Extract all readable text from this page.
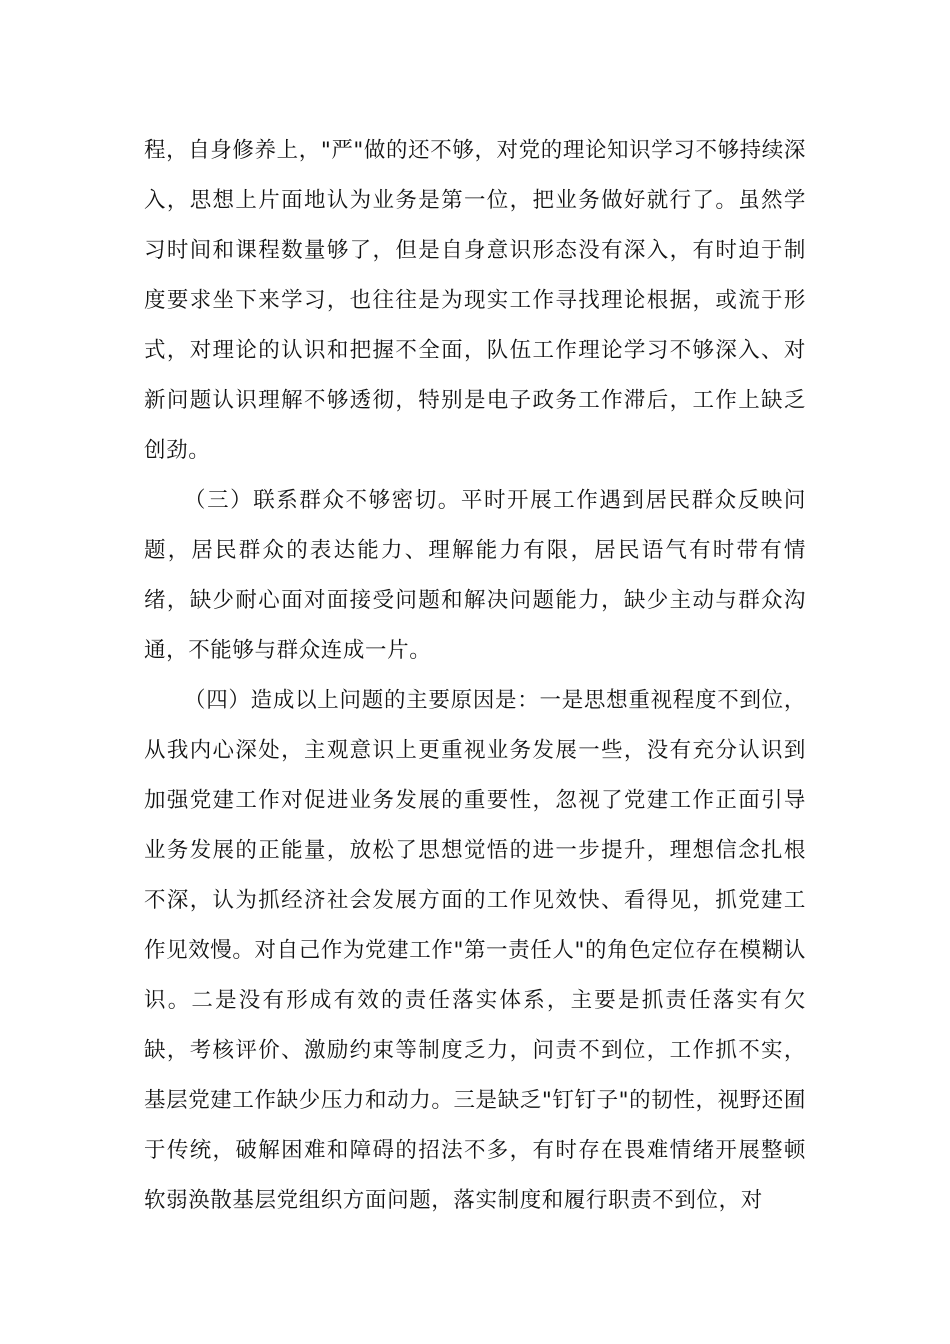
程，自身修养上，"严"做的还不够，对党的理论知识学习不够持续深入，思想上片面地认为业务是第一位，把业务做好就行了。虽然学习时间和课程数量够了，但是自身意识形态没有深入，有时迫于制度要求坐下来学习，也往往是为现实工作寻找理论根据，或流于形式，对理论的认识和把握不全面，队伍工作理论学习不够深入、对新问题认识理解不够透彻，特别是电子政务工作滞后，工作上缺乏创劲。

（三）联系群众不够密切。平时开展工作遇到居民群众反映问题，居民群众的表达能力、理解能力有限，居民语气有时带有情绪，缺少耐心面对面接受问题和解决问题能力，缺少主动与群众沟通，不能够与群众连成一片。

（四）造成以上问题的主要原因是：一是思想重视程度不到位，从我内心深处，主观意识上更重视业务发展一些，没有充分认识到加强党建工作对促进业务发展的重要性，忽视了党建工作正面引导业务发展的正能量，放松了思想觉悟的进一步提升，理想信念扎根不深，认为抓经济社会发展方面的工作见效快、看得见，抓党建工作见效慢。对自己作为党建工作"第一责任人"的角色定位存在模糊认识。二是没有形成有效的责任落实体系，主要是抓责任落实有欠缺，考核评价、激励约束等制度乏力，问责不到位，工作抓不实，基层党建工作缺少压力和动力。三是缺乏"钉钉子"的韧性，视野还囿于传统，破解困难和障碍的招法不多，有时存在畏难情绪开展整顿软弱涣散基层党组织方面问题，落实制度和履行职责不到位，对
